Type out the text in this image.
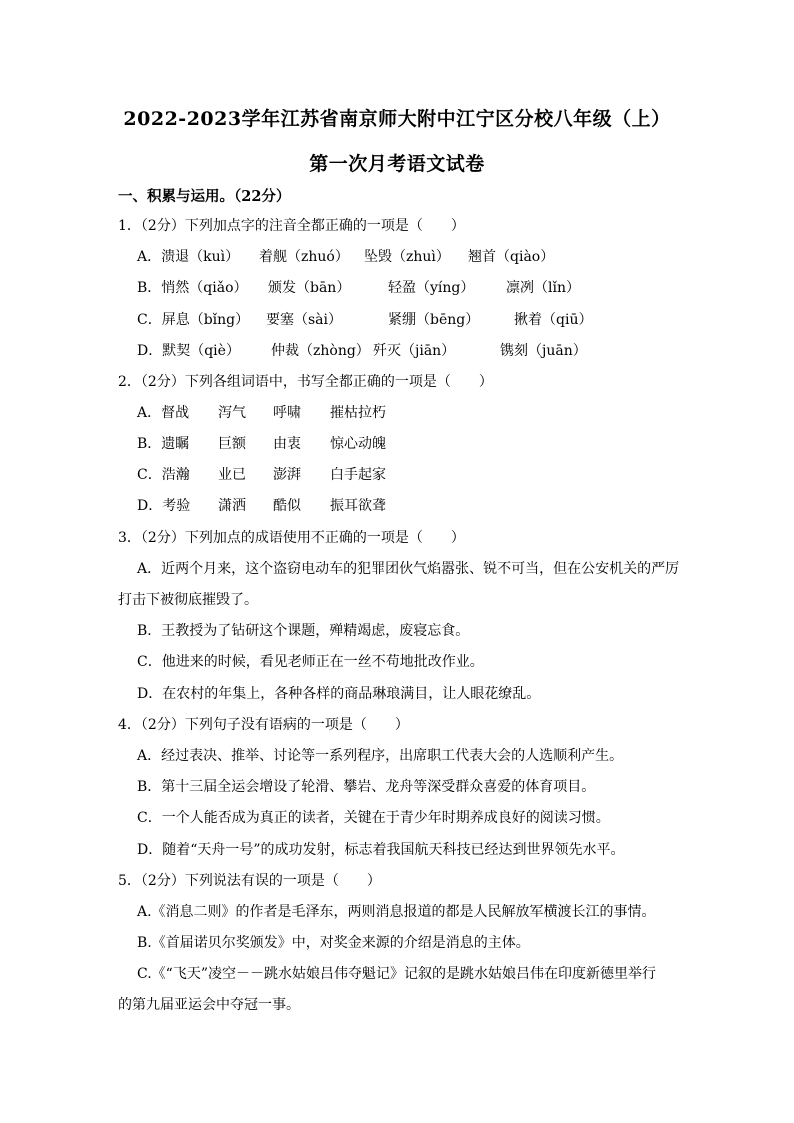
2022-2023学年江苏省南京师大附中江宁区分校八年级（上）
第一次月考语文试卷
一、积累与运用。（22分）
1．（2分）下列加点字的注音全都正确的一项是（　　）
A．溃退（kuì） 着舰（zhuó） 坠毁（zhuì） 翘首（qiào）
B．悄然（qiǎo） 颁发（bān）	轻盈（yíng） 凛冽（lǐn）
C．屏息（bǐng） 要塞（sài）	紧绷（bēng） 揪着（qiū）
D．默契（qiè） 仲裁（zhòng） 歼灭（jiān）	镌刻（juān）
2．（2分）下列各组词语中，书写全都正确的一项是（　　）
A．督战 泻气 呼啸 摧枯拉朽
B．遗瞩 巨额 由衷 惊心动魄
C．浩瀚 业已 澎湃 白手起家
D．考验 潇洒 酷似 振耳欲聋
3．（2分）下列加点的成语使用不正确的一项是（　　）
A．近两个月来，这个盗窃电动车的犯罪团伙气焰嚣张、锐不可当，但在公安机关的严厉
打击下被彻底摧毁了。
B．王教授为了钻研这个课题，殚精竭虑，废寝忘食。
C．他进来的时候，看见老师正在一丝不苟地批改作业。
D．在农村的年集上，各种各样的商品琳琅满目，让人眼花缭乱。
4．（2分）下列句子没有语病的一项是（　　）
A．经过表决、推举、讨论等一系列程序，出席职工代表大会的人选顺利产生。
B．第十三届全运会增设了轮滑、攀岩、龙舟等深受群众喜爱的体育项目。
C．一个人能否成为真正的读者，关键在于青少年时期养成良好的阅读习惯。
D．随着“天舟一号”的成功发射，标志着我国航天科技已经达到世界领先水平。
5．（2分）下列说法有误的一项是（　　）
A.《消息二则》的作者是毛泽东，两则消息报道的都是人民解放军横渡长江的事情。
B.《首届诺贝尔奖颁发》中，对奖金来源的介绍是消息的主体。
C.《“飞天”凌空－－跳水姑娘吕伟夺魁记》记叙的是跳水姑娘吕伟在印度新德里举行
的第九届亚运会中夺冠一事。
